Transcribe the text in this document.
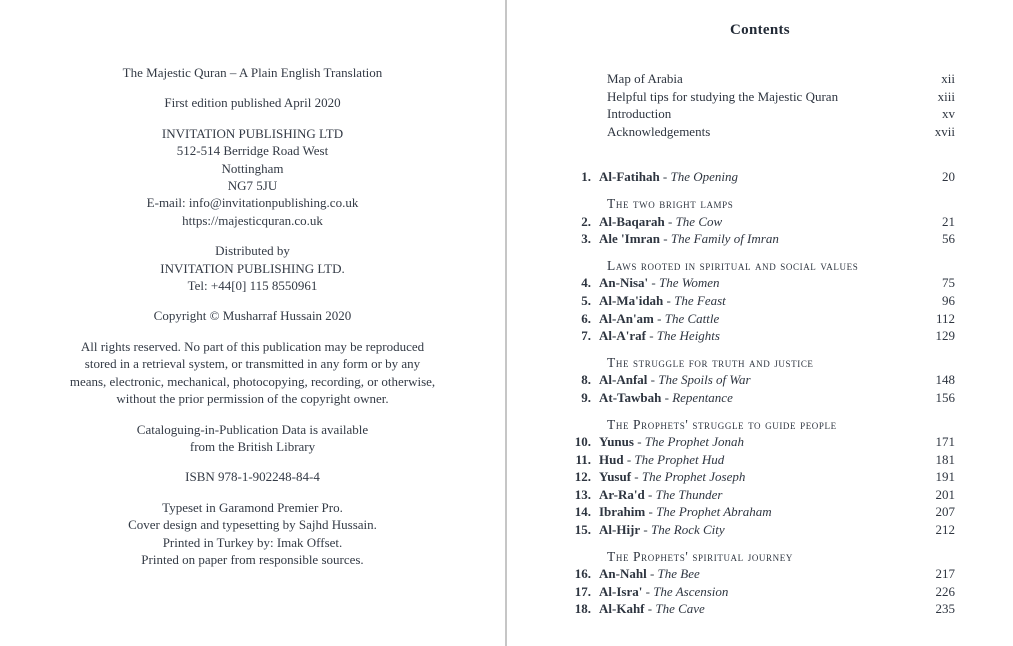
The Majestic Quran – A Plain English Translation
First edition published April 2020
INVITATION PUBLISHING LTD
512-514 Berridge Road West
Nottingham
NG7 5JU
E-mail: info@invitationpublishing.co.uk
https://majesticquran.co.uk
Distributed by
INVITATION PUBLISHING LTD.
Tel: +44[0] 115 8550961
Copyright © Musharraf Hussain 2020
All rights reserved. No part of this publication may be reproduced stored in a retrieval system, or transmitted in any form or by any means, electronic, mechanical, photocopying, recording, or otherwise, without the prior permission of the copyright owner.
Cataloguing-in-Publication Data is available
from the British Library
ISBN 978-1-902248-84-4
Typeset in Garamond Premier Pro.
Cover design and typesetting by Sajhd Hussain.
Printed in Turkey by: Imak Offset.
Printed on paper from responsible sources.
Contents
Map of Arabia	xii
Helpful tips for studying the Majestic Quran	xiii
Introduction	xv
Acknowledgements	xvii
1. Al-Fatihah - The Opening	20
The two bright lamps
2. Al-Baqarah - The Cow	21
3. Ale 'Imran - The Family of Imran	56
Laws rooted in spiritual and social values
4. An-Nisa' - The Women	75
5. Al-Ma'idah - The Feast	96
6. Al-An'am - The Cattle	112
7. Al-A'raf - The Heights	129
The struggle for truth and justice
8. Al-Anfal - The Spoils of War	148
9. At-Tawbah - Repentance	156
The Prophets' struggle to guide people
10. Yunus - The Prophet Jonah	171
11. Hud - The Prophet Hud	181
12. Yusuf - The Prophet Joseph	191
13. Ar-Ra'd - The Thunder	201
14. Ibrahim - The Prophet Abraham	207
15. Al-Hijr - The Rock City	212
The Prophets' spiritual journey
16. An-Nahl - The Bee	217
17. Al-Isra' - The Ascension	226
18. Al-Kahf - The Cave	235
